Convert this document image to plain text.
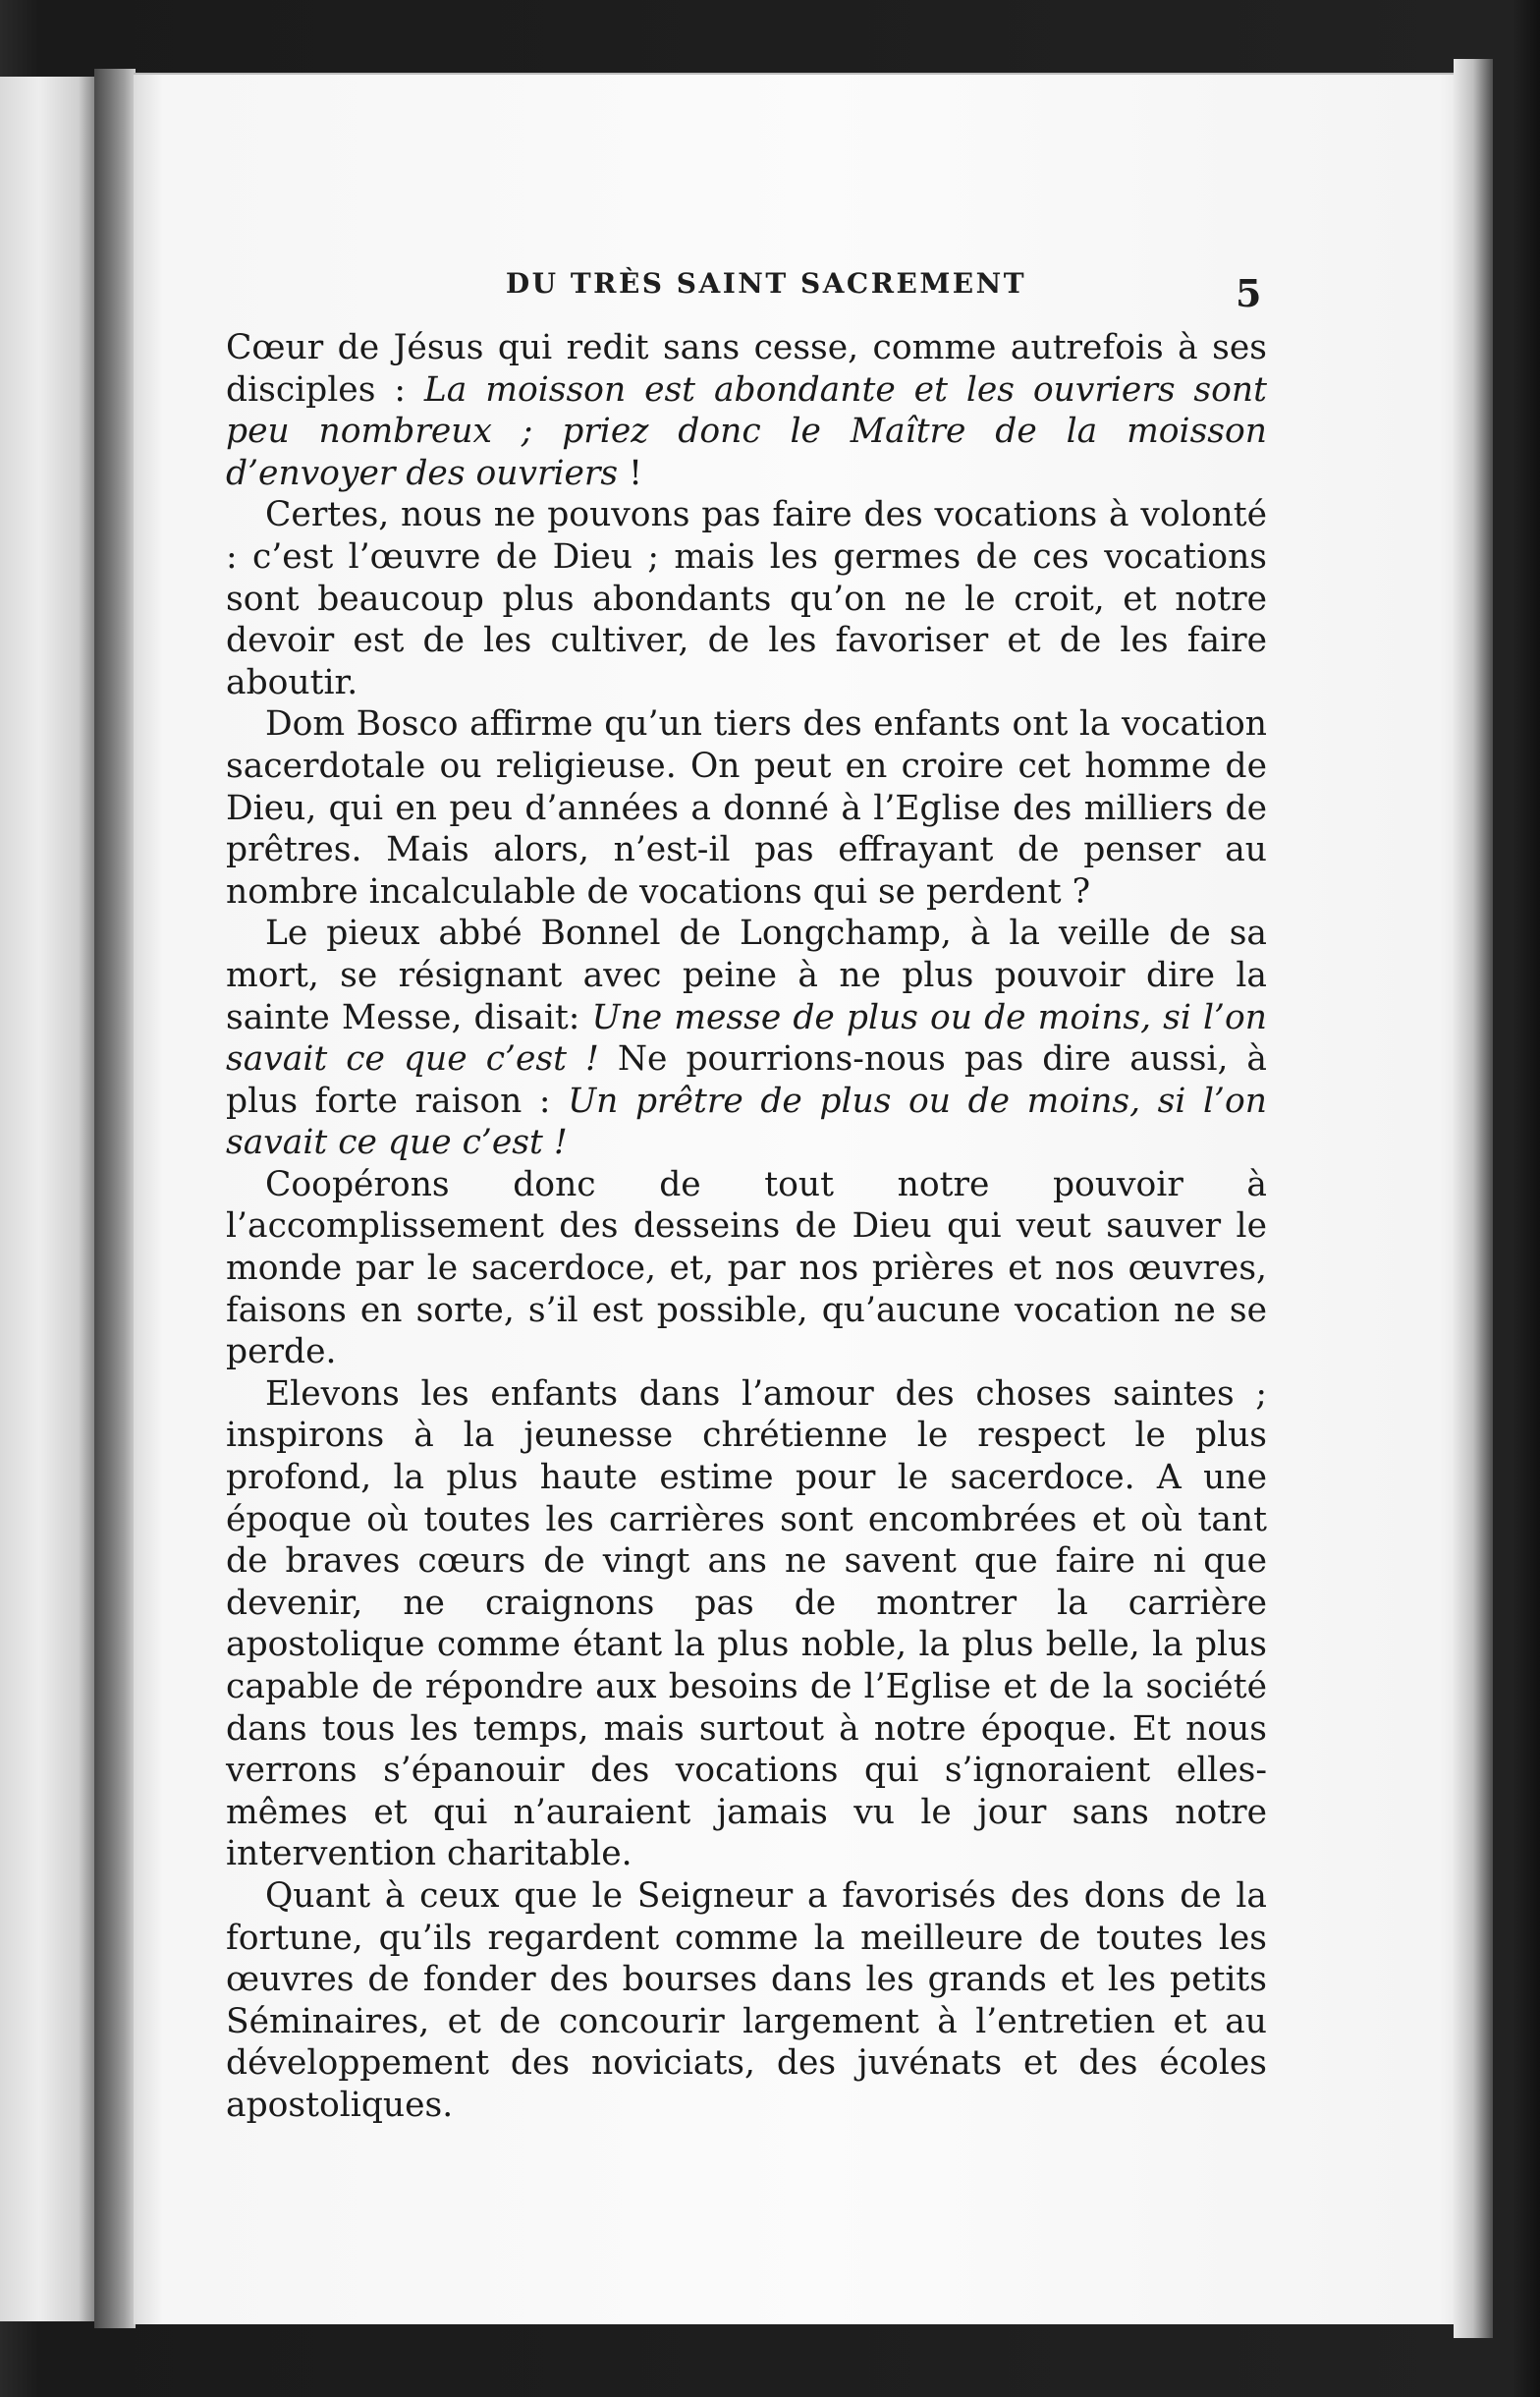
DU TRÈS SAINT SACREMENT	5

Cœur de Jésus qui redit sans cesse, comme autrefois à ses disciples : La moisson est abondante et les ouvriers sont peu nombreux ; priez donc le Maître de la moisson d’envoyer des ouvriers !

Certes, nous ne pouvons pas faire des vocations à volonté : c’est l’œuvre de Dieu ; mais les germes de ces vocations sont beaucoup plus abondants qu’on ne le croit, et notre devoir est de les cultiver, de les favoriser et de les faire aboutir.

Dom Bosco affirme qu’un tiers des enfants ont la vocation sacerdotale ou religieuse. On peut en croire cet homme de Dieu, qui en peu d’années a donné à l’Eglise des milliers de prêtres. Mais alors, n’est-il pas effrayant de penser au nombre incalculable de vocations qui se perdent ?

Le pieux abbé Bonnel de Longchamp, à la veille de sa mort, se résignant avec peine à ne plus pouvoir dire la sainte Messe, disait: Une messe de plus ou de moins, si l’on savait ce que c’est ! Ne pourrions-nous pas dire aussi, à plus forte raison : Un prêtre de plus ou de moins, si l’on savait ce que c’est !

Coopérons donc de tout notre pouvoir à l’accomplissement des desseins de Dieu qui veut sauver le monde par le sacerdoce, et, par nos prières et nos œuvres, faisons en sorte, s’il est possible, qu’aucune vocation ne se perde.

Elevons les enfants dans l’amour des choses saintes ; inspirons à la jeunesse chrétienne le respect le plus profond, la plus haute estime pour le sacerdoce. A une époque où toutes les carrières sont encombrées et où tant de braves cœurs de vingt ans ne savent que faire ni que devenir, ne craignons pas de montrer la carrière apostolique comme étant la plus noble, la plus belle, la plus capable de répondre aux besoins de l’Eglise et de la société dans tous les temps, mais surtout à notre époque. Et nous verrons s’épanouir des vocations qui s’ignoraient elles-mêmes et qui n’auraient jamais vu le jour sans notre intervention charitable.

Quant à ceux que le Seigneur a favorisés des dons de la fortune, qu’ils regardent comme la meilleure de toutes les œuvres de fonder des bourses dans les grands et les petits Séminaires, et de concourir largement à l’entretien et au développement des noviciats, des juvénats et des écoles apostoliques.
